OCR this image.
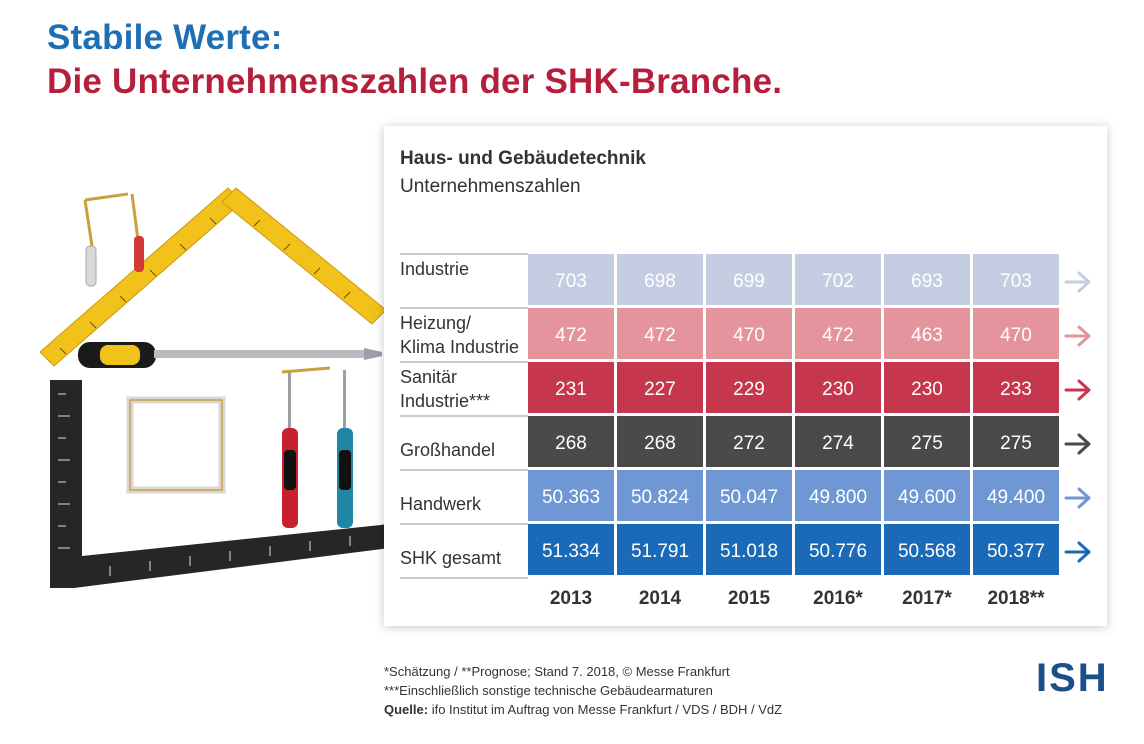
Stabile Werte:
Die Unternehmenszahlen der SHK-Branche.
Haus- und Gebäudetechnik
Unternehmenszahlen
Industrie
703	698	699	702	693	703
Heizung/ Klima Industrie
472	472	470	472	463	470
Sanitär Industrie***
231	227	229	230	230	233
Großhandel	268	268	272	274	275	275
Handwerk	50.363 50.824 50.047 49.800 49.600 49.400
SHK gesamt 51.334 51.791 51.018 50.776 50.568 50.377
2013 2014 2015 2016* 2017* 2018**
*Schätzung / **Prognose; Stand 7. 2018, © Messe Frankfurt
***Einschließlich sonstige technische Gebäudearmaturen
Quelle: ifo Institut im Auftrag von Messe Frankfurt / VDS / BDH / VdZ
ISH
